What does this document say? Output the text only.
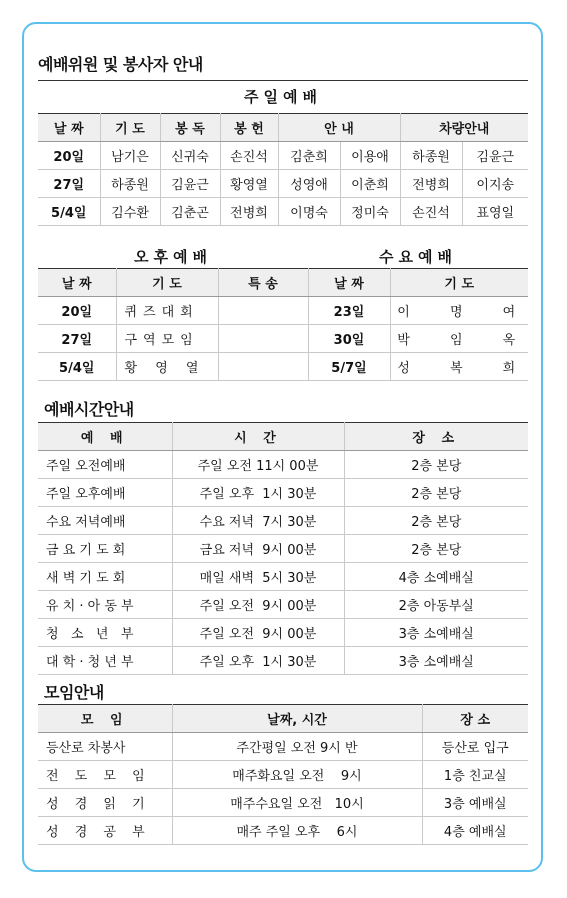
예배위원 및 봉사자 안내
주일예배
날 짜	기 도	봉 독	봉 헌	안 내		차량안내	
20일	남기은	신귀숙	손진석	김춘희	이용애	하종원	김윤근
27일	하종원	김윤근	황영열	성영애	이춘희	전병희	이지송
5/4일	김수환	김춘곤	전병희	이명숙	정미숙	손진석	표영일
오후예배	수요예배
날 짜	기 도	특 송	날 짜	기 도
20일	퀴즈대회		23일	이 명 여
27일	구역모임		30일	박 임 옥
5/4일	황 영 열		5/7일	성 복 희
예배시간안내
예 배	시 간	장 소
주일 오전예배	주일 오전 11시 00분	2층 본당
주일 오후예배	주일 오후  1시 30분	2층 본당
수요 저녁예배	수요 저녁  7시 30분	2층 본당
금 요 기 도 회	금요 저녁  9시 00분	2층 본당
새 벽 기 도 회	매일 새벽  5시 30분	4층 소예배실
유 치 · 아 동 부	주일 오전  9시 00분	2층 아동부실
청   소   년   부	주일 오전  9시 00분	3층 소예배실
대 학 · 청 년 부	주일 오후  1시 30분	3층 소예배실
모임안내
모 임	날짜, 시간	장 소
등산로 차봉사	주간평일 오전 9시 반	등산로 입구
전 도 모 임	매주화요일 오전    9시	1층 친교실
성 경 읽 기	매주수요일 오전   10시	3층 예배실
성 경 공 부	매주 주일 오후    6시	4층 예배실
